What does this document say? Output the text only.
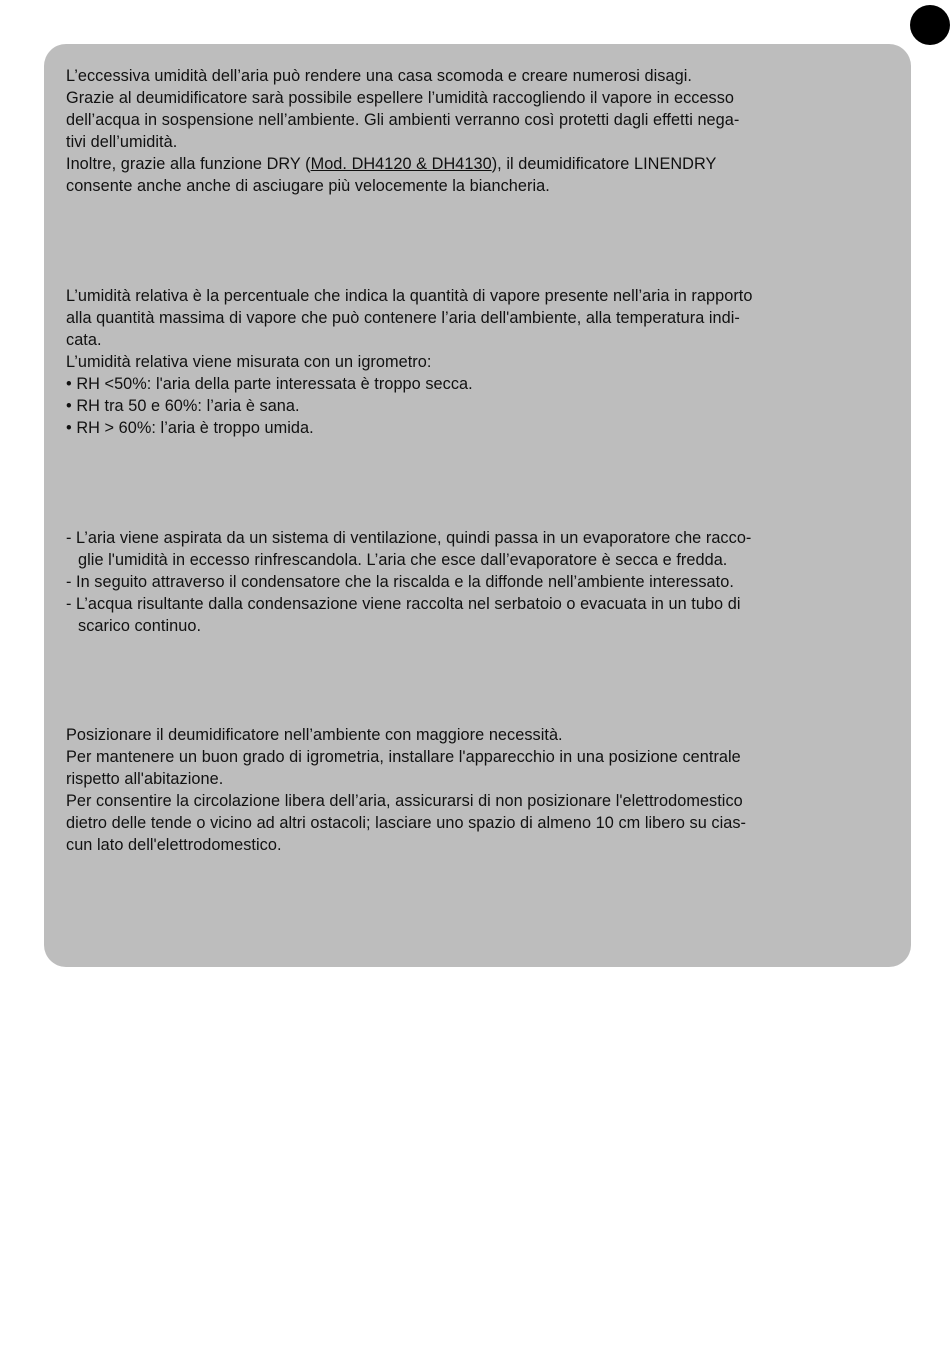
L’eccessiva umidità dell’aria può rendere una casa scomoda e creare numerosi disagi.

Grazie al deumidificatore sarà possibile espellere l’umidità raccogliendo il vapore in eccesso

dell’acqua in sospensione nell’ambiente. Gli ambienti verranno così protetti dagli effetti nega-

tivi dell’umidità.

Inoltre, grazie alla funzione DRY (Mod. DH4120 & DH4130), il deumidificatore LINENDRY

consente anche anche di asciugare più velocemente la biancheria.

L’umidità relativa è la percentuale che indica la quantità di vapore presente nell’aria in rapporto

alla quantità massima di vapore che può contenere l’aria dell'ambiente, alla temperatura indi-

cata.

L’umidità relativa viene misurata con un igrometro:

• RH <50%: l'aria della parte interessata è troppo secca.

• RH tra 50 e 60%: l’aria è sana.

• RH > 60%: l’aria è troppo umida.

- L’aria viene aspirata da un sistema di ventilazione, quindi passa in un evaporatore che racco-

glie l'umidità in eccesso rinfrescandola. L’aria che esce dall’evaporatore è secca e fredda.

- In seguito attraverso il condensatore che la riscalda e la diffonde nell’ambiente interessato.

- L’acqua risultante dalla condensazione viene raccolta nel serbatoio o evacuata in un tubo di

scarico continuo.

Posizionare il deumidificatore nell’ambiente con maggiore necessità.

Per mantenere un buon grado di igrometria, installare l'apparecchio in una posizione centrale

rispetto all'abitazione.

Per consentire la circolazione libera dell’aria, assicurarsi di non posizionare l'elettrodomestico

dietro delle tende o vicino ad altri ostacoli; lasciare uno spazio di almeno 10 cm libero su cias-

cun lato dell'elettrodomestico.
